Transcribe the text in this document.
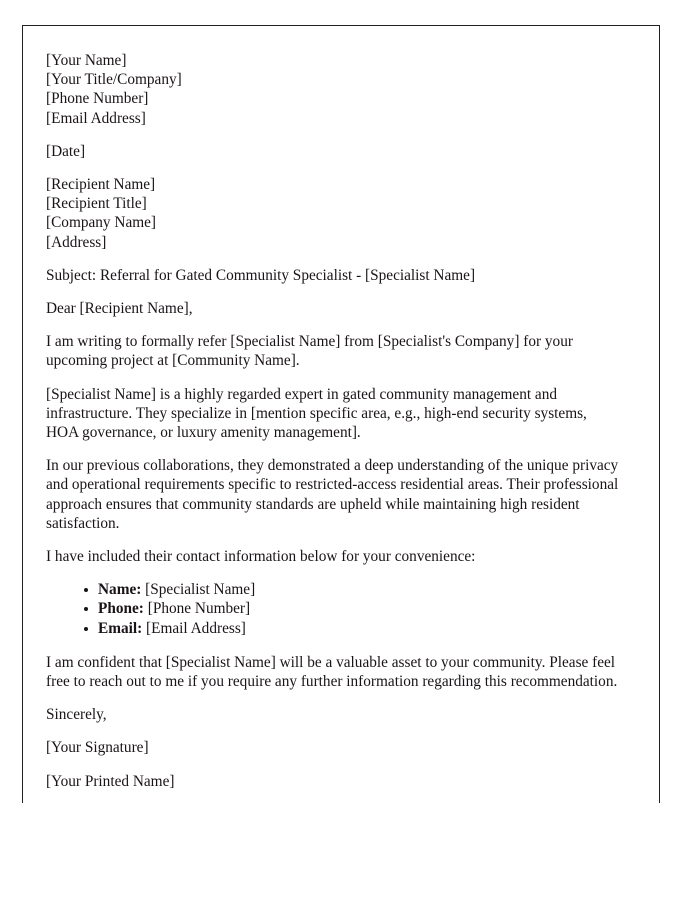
[Your Name]
[Your Title/Company]
[Phone Number]
[Email Address]
[Date]
[Recipient Name]
[Recipient Title]
[Company Name]
[Address]

Subject: Referral for Gated Community Specialist - [Specialist Name]

Dear [Recipient Name],

I am writing to formally refer [Specialist Name] from [Specialist's Company] for your upcoming project at [Community Name].

[Specialist Name] is a highly regarded expert in gated community management and infrastructure. They specialize in [mention specific area, e.g., high-end security systems, HOA governance, or luxury amenity management].

In our previous collaborations, they demonstrated a deep understanding of the unique privacy and operational requirements specific to restricted-access residential areas. Their professional approach ensures that community standards are upheld while maintaining high resident satisfaction.

I have included their contact information below for your convenience:

Name: [Specialist Name]
Phone: [Phone Number]
Email: [Email Address]

I am confident that [Specialist Name] will be a valuable asset to your community. Please feel free to reach out to me if you require any further information regarding this recommendation.

Sincerely,

[Your Signature]

[Your Printed Name]
